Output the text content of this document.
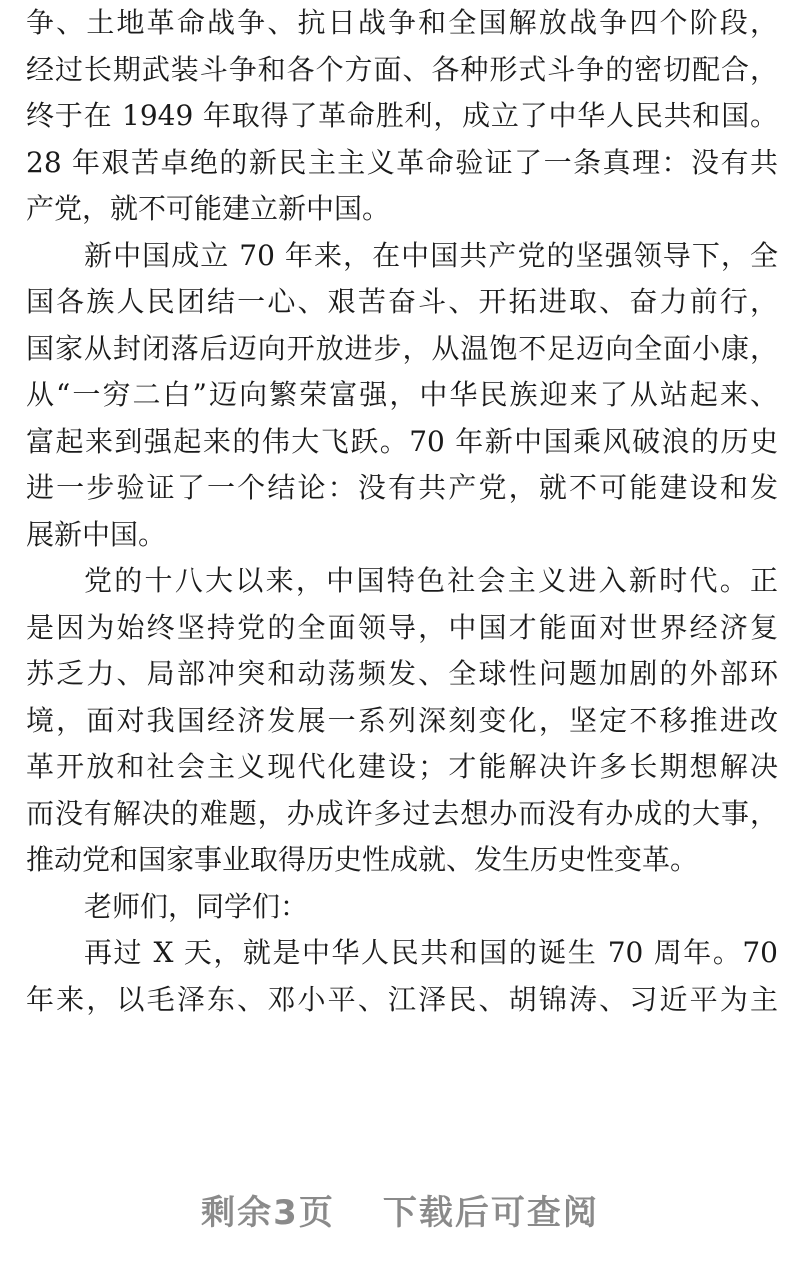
争、土地革命战争、抗日战争和全国解放战争四个阶段，
经过长期武装斗争和各个方面、各种形式斗争的密切配合，
终于在 1949 年取得了革命胜利，成立了中华人民共和国。
28 年艰苦卓绝的新民主主义革命验证了一条真理：没有共
产党，就不可能建立新中国。
新中国成立 70 年来，在中国共产党的坚强领导下，全
国各族人民团结一心、艰苦奋斗、开拓进取、奋力前行，
国家从封闭落后迈向开放进步，从温饱不足迈向全面小康，
从“一穷二白”迈向繁荣富强，中华民族迎来了从站起来、
富起来到强起来的伟大飞跃。70 年新中国乘风破浪的历史
进一步验证了一个结论：没有共产党，就不可能建设和发
展新中国。
党的十八大以来，中国特色社会主义进入新时代。正
是因为始终坚持党的全面领导，中国才能面对世界经济复
苏乏力、局部冲突和动荡频发、全球性问题加剧的外部环
境，面对我国经济发展一系列深刻变化，坚定不移推进改
革开放和社会主义现代化建设；才能解决许多长期想解决
而没有解决的难题，办成许多过去想办而没有办成的大事，
推动党和国家事业取得历史性成就、发生历史性变革。
老师们，同学们：
再过 X 天，就是中华人民共和国的诞生 70 周年。70
年来，以毛泽东、邓小平、江泽民、胡锦涛、习近平为主
剩余3页 下载后可查阅
